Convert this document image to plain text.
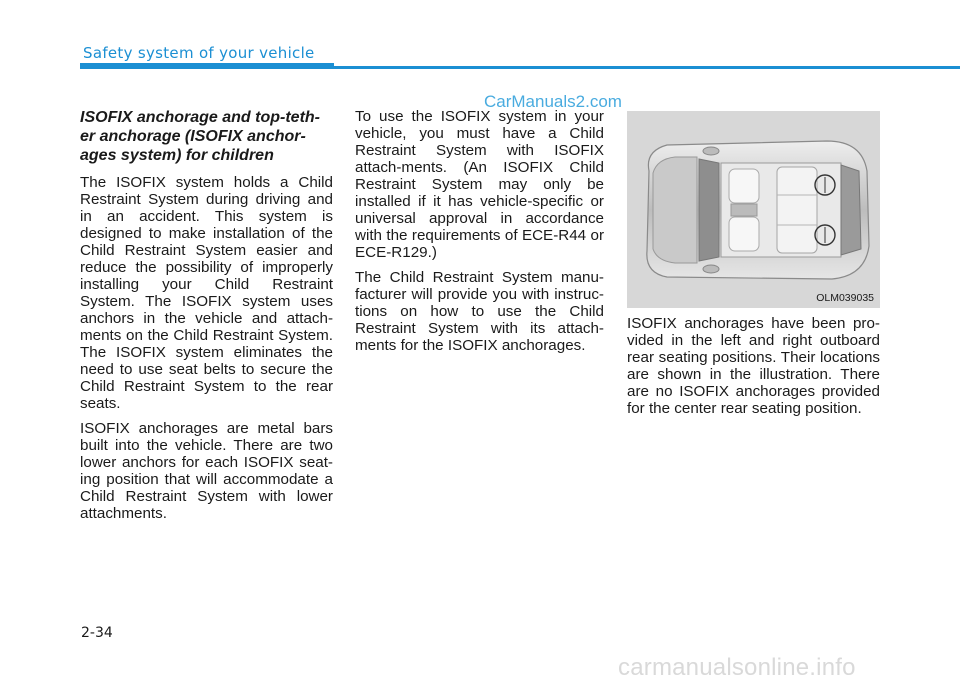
Safety system of your vehicle
CarManuals2.com
ISOFIX anchorage and top-teth-er anchorage (ISOFIX anchor-ages system) for children

The ISOFIX system holds a Child Restraint System during driving and in an accident. This system is designed to make installation of the Child Restraint System easier and reduce the possibility of improperly installing your Child Restraint System. The ISOFIX system uses anchors in the vehicle and attach-ments on the Child Restraint System. The ISOFIX system eliminates the need to use seat belts to secure the Child Restraint System to the rear seats.

ISOFIX anchorages are metal bars built into the vehicle. There are two lower anchors for each ISOFIX seat-ing position that will accommodate a Child Restraint System with lower attachments.

To use the ISOFIX system in your vehicle, you must have a Child Restraint System with ISOFIX attach-ments. (An ISOFIX Child Restraint System may only be installed if it has vehicle-specific or universal approval in accordance with the requirements of ECE-R44 or ECE-R129.)

The Child Restraint System manu-facturer will provide you with instruc-tions on how to use the Child Restraint System with its attach-ments for the ISOFIX anchorages.

OLM039035

ISOFIX anchorages have been pro-vided in the left and right outboard rear seating positions. Their locations are shown in the illustration. There are no ISOFIX anchorages provided for the center rear seating position.

2-34
carmanualsonline.info
